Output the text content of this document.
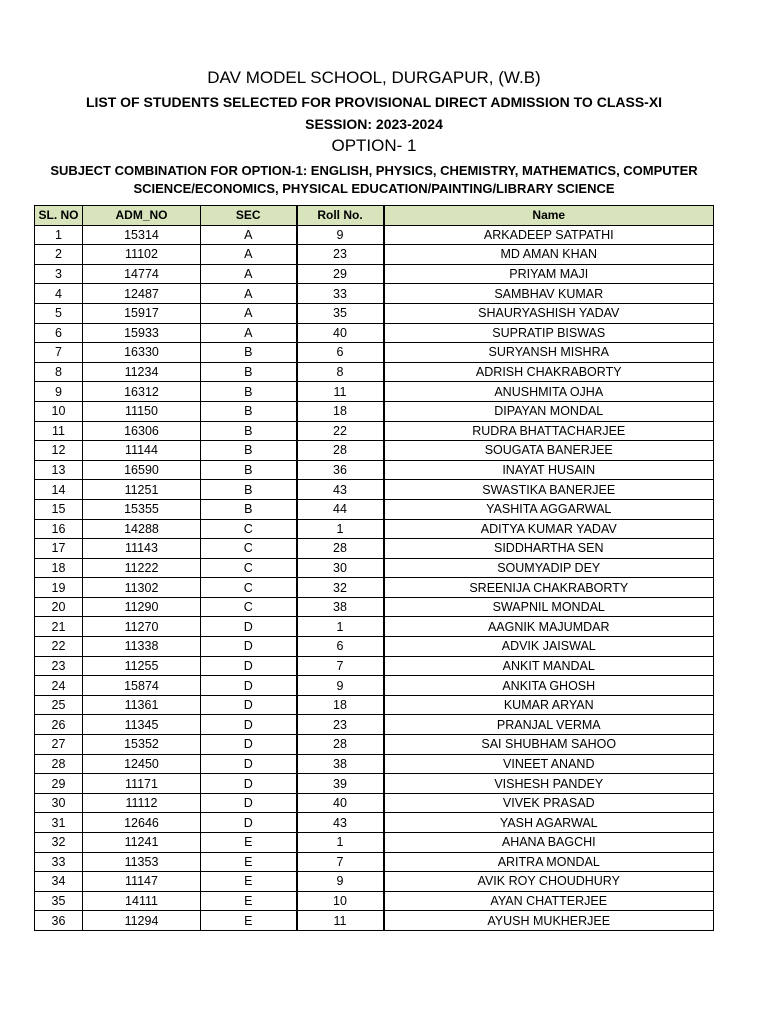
DAV MODEL SCHOOL, DURGAPUR, (W.B)
LIST OF STUDENTS SELECTED FOR PROVISIONAL DIRECT ADMISSION TO CLASS-XI
SESSION: 2023-2024
OPTION- 1
SUBJECT COMBINATION FOR OPTION-1: ENGLISH, PHYSICS, CHEMISTRY, MATHEMATICS, COMPUTER
SCIENCE/ECONOMICS, PHYSICAL EDUCATION/PAINTING/LIBRARY SCIENCE
SL. NO	ADM_NO	SEC	Roll No.	Name
1	15314	A	9	ARKADEEP SATPATHI
2	11102	A	23	MD AMAN KHAN
3	14774	A	29	PRIYAM MAJI
4	12487	A	33	SAMBHAV KUMAR
5	15917	A	35	SHAURYASHISH YADAV
6	15933	A	40	SUPRATIP BISWAS
7	16330	B	6	SURYANSH MISHRA
8	11234	B	8	ADRISH CHAKRABORTY
9	16312	B	11	ANUSHMITA OJHA
10	11150	B	18	DIPAYAN MONDAL
11	16306	B	22	RUDRA BHATTACHARJEE
12	11144	B	28	SOUGATA BANERJEE
13	16590	B	36	INAYAT HUSAIN
14	11251	B	43	SWASTIKA BANERJEE
15	15355	B	44	YASHITA AGGARWAL
16	14288	C	1	ADITYA KUMAR YADAV
17	11143	C	28	SIDDHARTHA SEN
18	11222	C	30	SOUMYADIP DEY
19	11302	C	32	SREENIJA CHAKRABORTY
20	11290	C	38	SWAPNIL MONDAL
21	11270	D	1	AAGNIK MAJUMDAR
22	11338	D	6	ADVIK JAISWAL
23	11255	D	7	ANKIT MANDAL
24	15874	D	9	ANKITA GHOSH
25	11361	D	18	KUMAR ARYAN
26	11345	D	23	PRANJAL VERMA
27	15352	D	28	SAI SHUBHAM SAHOO
28	12450	D	38	VINEET ANAND
29	11171	D	39	VISHESH PANDEY
30	11112	D	40	VIVEK PRASAD
31	12646	D	43	YASH AGARWAL
32	11241	E	1	AHANA BAGCHI
33	11353	E	7	ARITRA MONDAL
34	11147	E	9	AVIK ROY CHOUDHURY
35	14111	E	10	AYAN CHATTERJEE
36	11294	E	11	AYUSH MUKHERJEE
